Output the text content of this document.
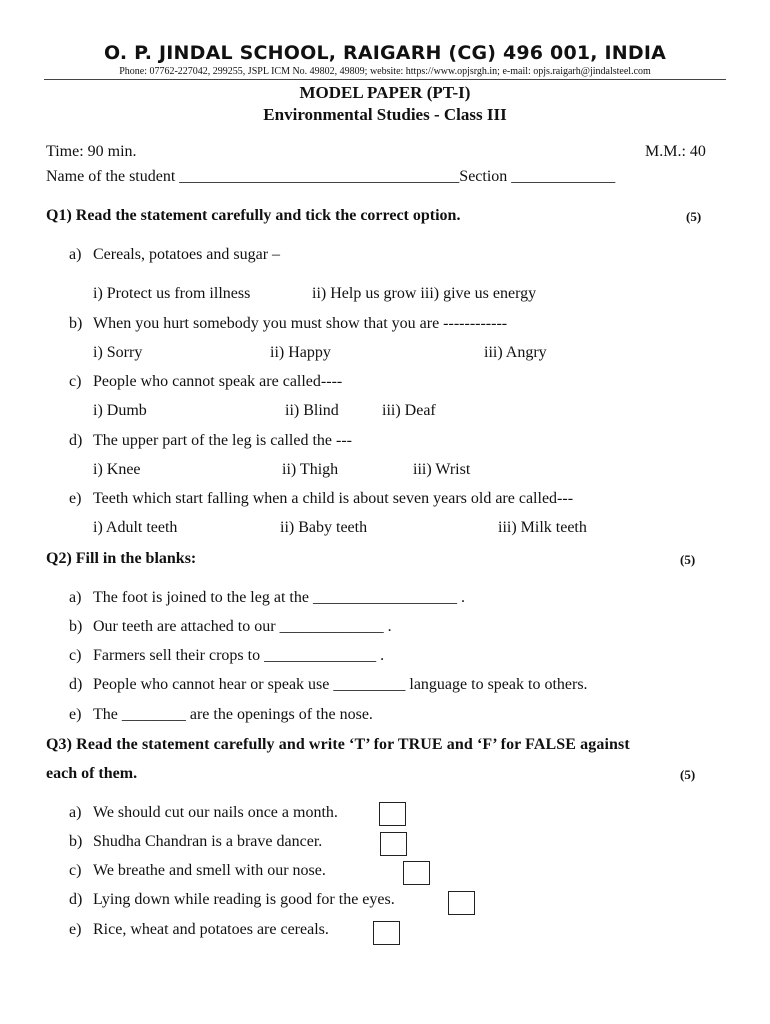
O. P. JINDAL SCHOOL, RAIGARH (CG) 496 001, INDIA
Phone: 07762-227042, 299255, JSPL ICM No. 49802, 49809; website: https://www.opjsrgh.in; e-mail: opjs.raigarh@jindalsteel.com
MODEL PAPER (PT-I)
Environmental Studies - Class III
Time: 90 min.	M.M.: 40
Name of the student ___________________________________Section _____________
Q1) Read the statement carefully and tick the correct option.	(5)
a) Cereals, potatoes and sugar –
i) Protect us from illness	ii) Help us grow iii) give us energy
b) When you hurt somebody you must show that you are ------------
i) Sorry	ii) Happy	iii) Angry
c) People who cannot speak are called----
i) Dumb	ii) Blind	iii) Deaf
d) The upper part of the leg is called the ---
i) Knee	ii) Thigh	iii) Wrist
e) Teeth which start falling when a child is about seven years old are called---
i) Adult teeth	ii) Baby teeth	iii) Milk teeth
Q2) Fill in the blanks:	(5)
a) The foot is joined to the leg at the __________________ .
b) Our teeth are attached to our _____________ .
c) Farmers sell their crops to ______________ .
d) People who cannot hear or speak use _________ language to speak to others.
e) The ________ are the openings of the nose.
Q3) Read the statement carefully and write ‘T’ for TRUE and ‘F’ for FALSE against
each of them.	(5)
a) We should cut our nails once a month.
b) Shudha Chandran is a brave dancer.
c) We breathe and smell with our nose.
d) Lying down while reading is good for the eyes.
e) Rice, wheat and potatoes are cereals.
